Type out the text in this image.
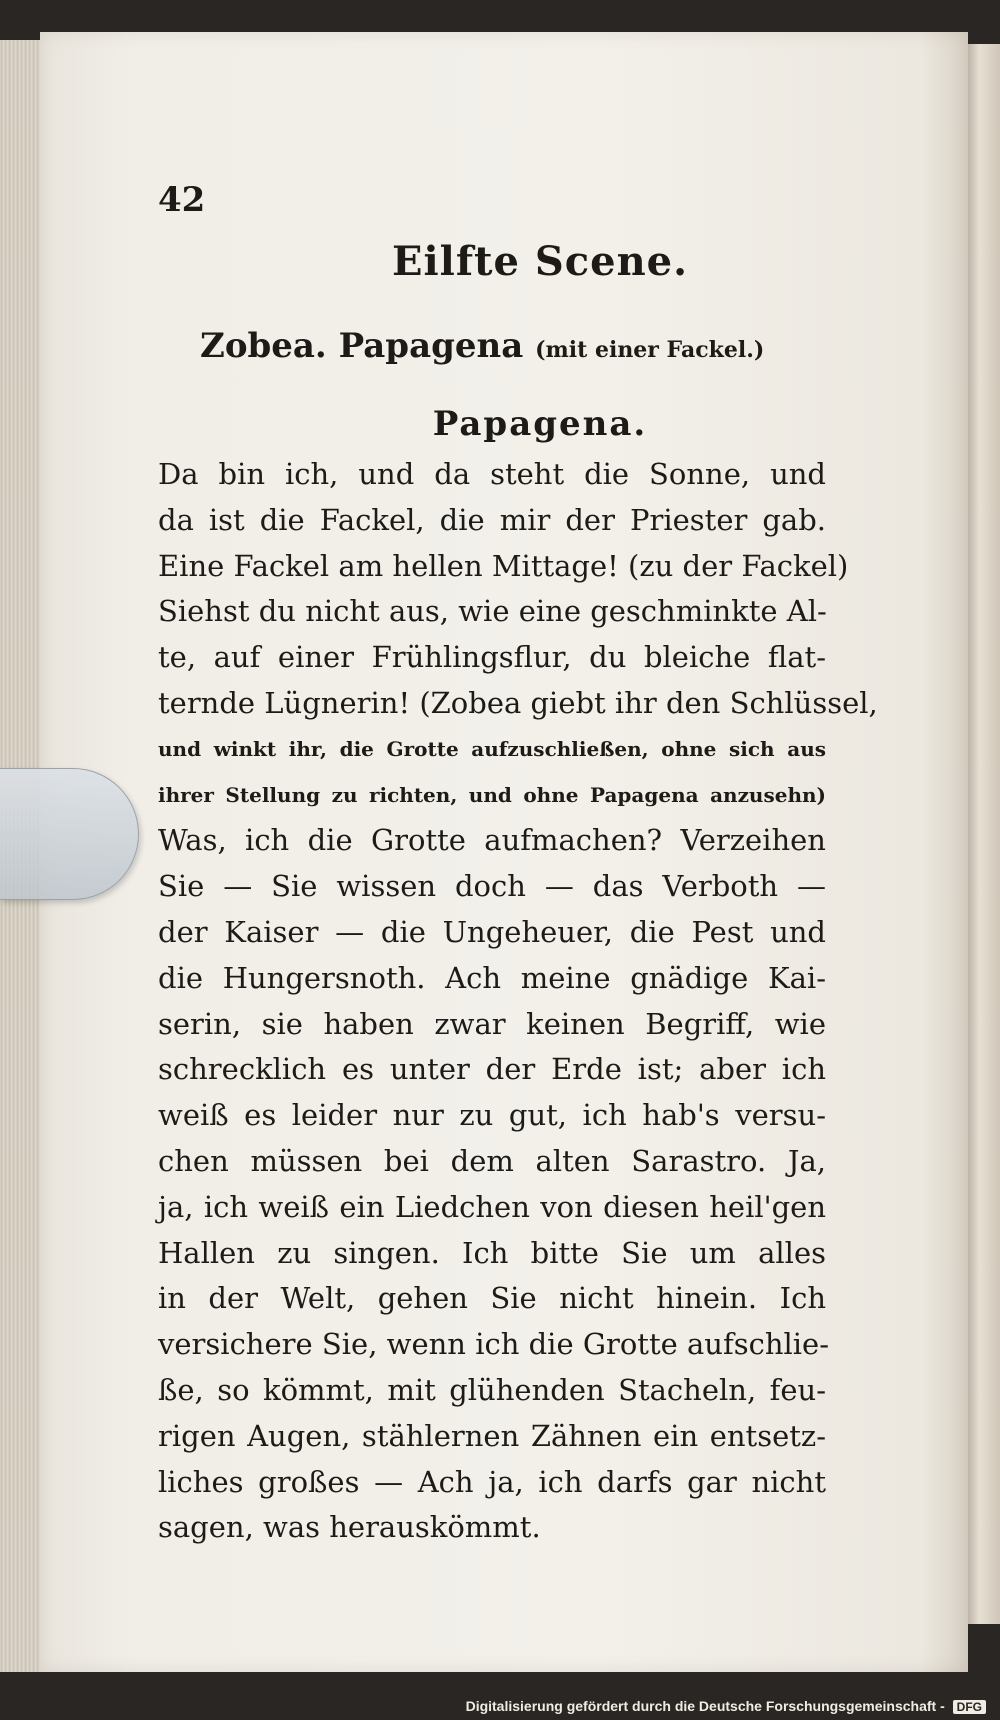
42
Eilfte Scene.
Zobea. Papagena (mit einer Fackel.)
Papagena.
Da bin ich, und da steht die Sonne, und
da ist die Fackel, die mir der Priester gab.
Eine Fackel am hellen Mittage! (zu der Fackel)
Siehst du nicht aus, wie eine geschminkte Al-
te, auf einer Frühlingsflur, du bleiche flat-
ternde Lügnerin! (Zobea giebt ihr den Schlüssel,
und winkt ihr, die Grotte aufzuschließen, ohne sich aus
ihrer Stellung zu richten, und ohne Papagena anzusehn)
Was, ich die Grotte aufmachen? Verzeihen
Sie — Sie wissen doch — das Verboth —
der Kaiser — die Ungeheuer, die Pest und
die Hungersnoth. Ach meine gnädige Kai-
serin, sie haben zwar keinen Begriff, wie
schrecklich es unter der Erde ist; aber ich
weiß es leider nur zu gut, ich hab's versu-
chen müssen bei dem alten Sarastro. Ja,
ja, ich weiß ein Liedchen von diesen heil'gen
Hallen zu singen. Ich bitte Sie um alles
in der Welt, gehen Sie nicht hinein. Ich
versichere Sie, wenn ich die Grotte aufschlie-
ße, so kömmt, mit glühenden Stacheln, feu-
rigen Augen, stählernen Zähnen ein entsetz-
liches großes — Ach ja, ich darfs gar nicht
sagen, was herauskömmt.
Digitalisierung gefördert durch die Deutsche Forschungsgemeinschaft - DFG
